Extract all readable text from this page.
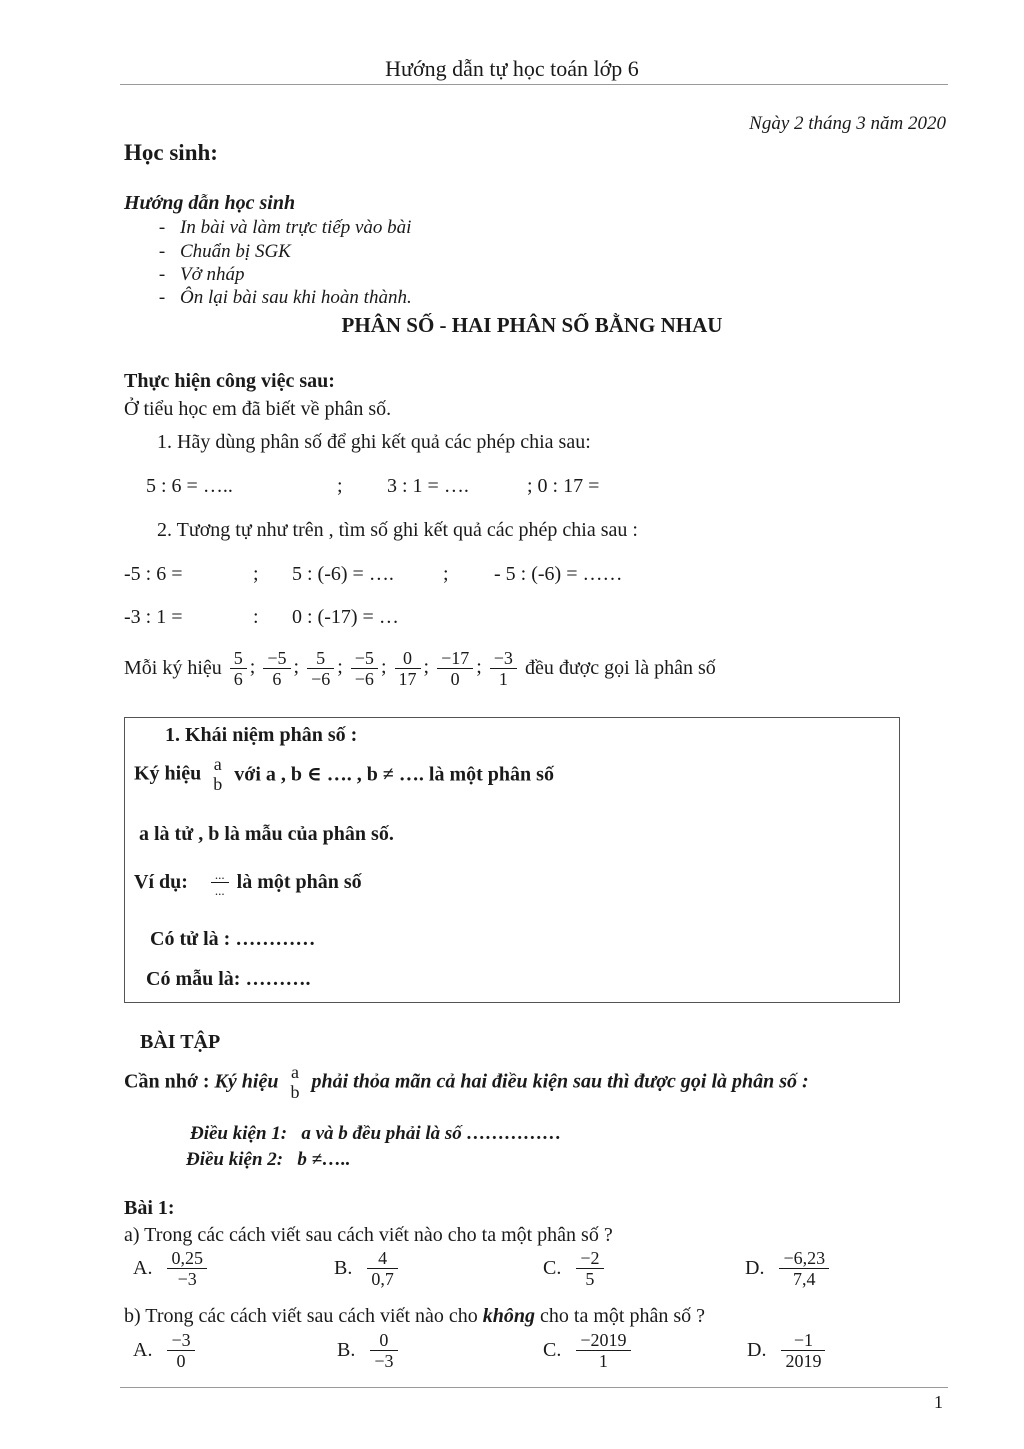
Hướng dẫn tự học toán lớp 6
Ngày 2 tháng 3 năm 2020
Học sinh:
Hướng dẫn học sinh
- In bài và làm trực tiếp vào bài
- Chuẩn bị SGK
- Vở nháp
- Ôn lại bài sau khi hoàn thành.
PHÂN SỐ - HAI PHÂN SỐ BẰNG NHAU
Thực hiện công việc sau:
Ở tiểu học em đã biết về phân số.
1. Hãy dùng phân số để ghi kết quả các phép chia sau:
5 : 6 = …..	; 3 : 1 = ….	; 0 : 17 =
2. Tương tự như trên , tìm số ghi kết quả các phép chia sau :
-5 : 6 =	; 5 : (-6) = …. ; - 5 : (-6) = ……
-3 : 1 =	: 0 : (-17) = …
Mỗi ký hiệu $\frac{5}{6}$ ; $\frac{-5}{6}$ ; $\frac{5}{-6}$ ; $\frac{-5}{-6}$ ; $\frac{0}{17}$ ; $\frac{-17}{0}$ ; $\frac{-3}{1}$ đều được gọi là phân số
1. Khái niệm phân số :
Ký hiệu a
b với a , b ∈ …. , b ≠ …. là một phân số
a là tử , b là mẫu của phân số.
Ví dụ: $\frac{...}{...}$ là một phân số
Có tử là : …………
Có mẫu là: ……….
BÀI TẬP
Cần nhớ : Ký hiệu a
b phải thỏa mãn cả hai điều kiện sau thì được gọi là phân số :
Điều kiện 1: a và b đều phải là số ……………
Điều kiện 2: b ≠…..
Bài 1:
a) Trong các cách viết sau cách viết nào cho ta một phân số ?
A. $\frac{0,25}{-3}$	B. $\frac{4}{0,7}$	C. $\frac{-2}{5}$	D. $\frac{-6,23}{7,4}$
b) Trong các cách viết sau cách viết nào cho không cho ta một phân số ?
A. $\frac{-3}{0}$	B. $\frac{0}{-3}$	C. $\frac{-2019}{1}$	D. $\frac{-1}{2019}$
1
